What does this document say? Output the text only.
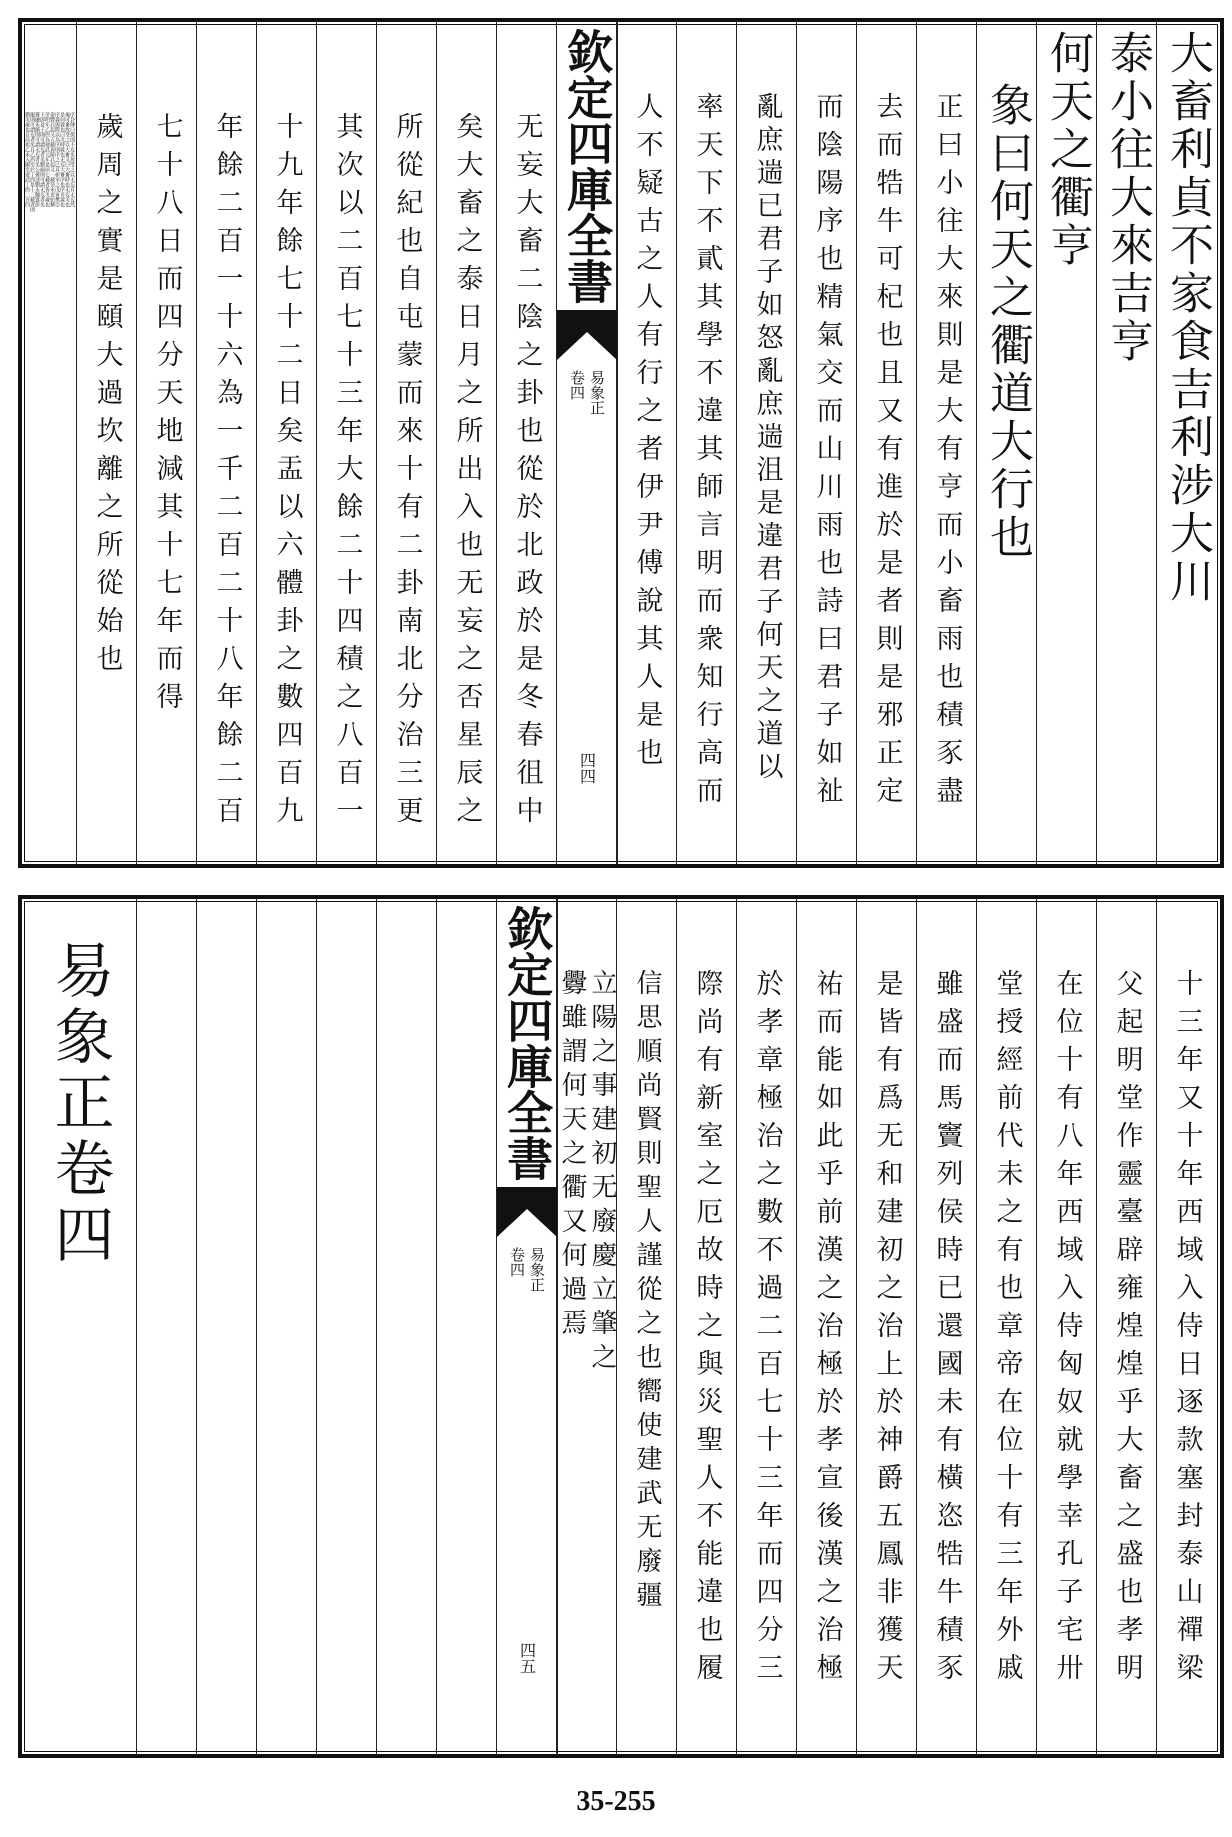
大畜利貞不家食吉利涉大川
泰小往大來吉亨
何天之衢亨
象曰何天之衢道大行也
正曰小往大來則是大有亨而小畜雨也積豕盡
去而牿牛可杞也且又有進於是者則是邪正定
而陰陽序也精氣交而山川雨也詩曰君子如祉
亂庶遄已君子如怒亂庶遄沮是違君子何天之道以
率天下不貳其學不違其師言明而衆知行高而
人不疑古之人有行之者伊尹傅說其人是也
欽定四庫全書
易象正
卷四
四四
无妄大畜二陰之卦也從於北政於是冬春徂中
矣大畜之泰日月之所出入也无妄之否星辰之
所從紀也自屯蒙而來十有二卦南北分治三更
其次以二百七十三年大餘二十四積之八百一
十九年餘七十二日矣盂以六體卦之數四百九
年餘二百一十六為一千二百二十八年餘二百
七十八日而四分天地減其十七年而得
歲周之實是頤大過坎離之所從始也
序卦傳曰復則不妄矣故受之以无妄有无妄然
後可畜故受之以大畜又曰大畜時也无妄災也
是何義也曰災時義也无妄大畜序也序非義也
序義與際以為序則序之已耳新室之戊寅樊崇
泰豐兵起又五載舂陵兵起又一載癸未更始稱
帝明年乙酉為建武元年是前七載者皆災歲也
王郎盆子則可謂妄者矣劉縯則可謂无妄者矣
竇融朱鮪則可謂无妄者矣公孫述劉永隗囂彭
寵則可謂妄者矣自乙酉至於丁酉是十三載者則
猶災歲也自高祖乙未入關至建武丁酉二百四
十三年又十年西域入侍日逐款塞封泰山禪梁
父起明堂作靈臺辟雍煌煌乎大畜之盛也孝明
在位十有八年西域入侍匈奴就學幸孔子宅卅
堂授經前代未之有也章帝在位十有三年外戚
雖盛而馬竇列侯時已還國未有橫恣牿牛積豕
是皆有爲无和建初之治上於神爵五鳳非獲天
祐而能如此乎前漢之治極於孝宣後漢之治極
於孝章極治之數不過二百七十三年而四分三
際尚有新室之厄故時之與災聖人不能違也履
信思順尚賢則聖人謹從之也嚮使建武无廢疆
立陽之事建初无廢慶立肇之
釁雖謂何天之衢又何過焉
欽定四庫全書
易象正
卷四
四五
易象正卷四
35-255
